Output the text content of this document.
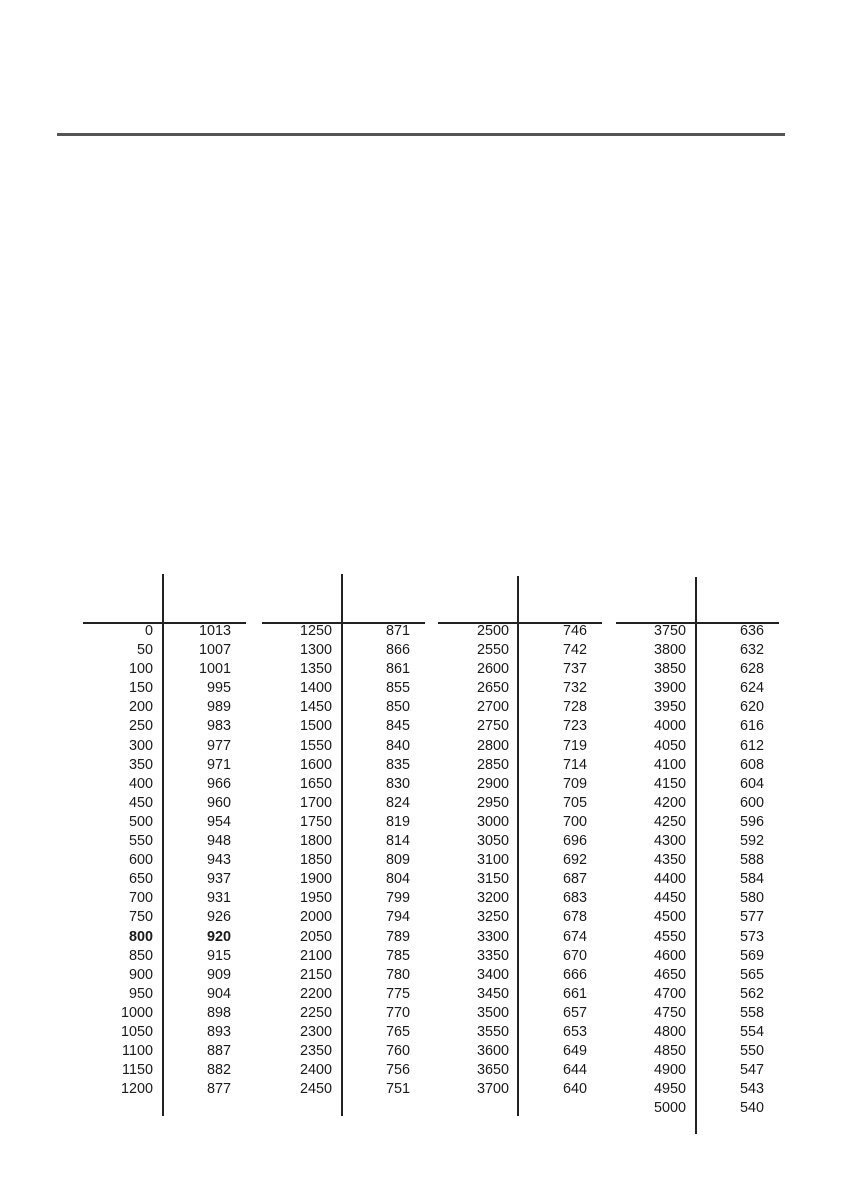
0	1013
50	1007
100	1001
150	995
200	989
250	983
300	977
350	971
400	966
450	960
500	954
550	948
600	943
650	937
700	931
750	926
800	920
850	915
900	909
950	904
1000	898
1050	893
1100	887
1150	882
1200	877
1250	871
1300	866
1350	861
1400	855
1450	850
1500	845
1550	840
1600	835
1650	830
1700	824
1750	819
1800	814
1850	809
1900	804
1950	799
2000	794
2050	789
2100	785
2150	780
2200	775
2250	770
2300	765
2350	760
2400	756
2450	751
2500	746
2550	742
2600	737
2650	732
2700	728
2750	723
2800	719
2850	714
2900	709
2950	705
3000	700
3050	696
3100	692
3150	687
3200	683
3250	678
3300	674
3350	670
3400	666
3450	661
3500	657
3550	653
3600	649
3650	644
3700	640
3750	636
3800	632
3850	628
3900	624
3950	620
4000	616
4050	612
4100	608
4150	604
4200	600
4250	596
4300	592
4350	588
4400	584
4450	580
4500	577
4550	573
4600	569
4650	565
4700	562
4750	558
4800	554
4850	550
4900	547
4950	543
5000	540
